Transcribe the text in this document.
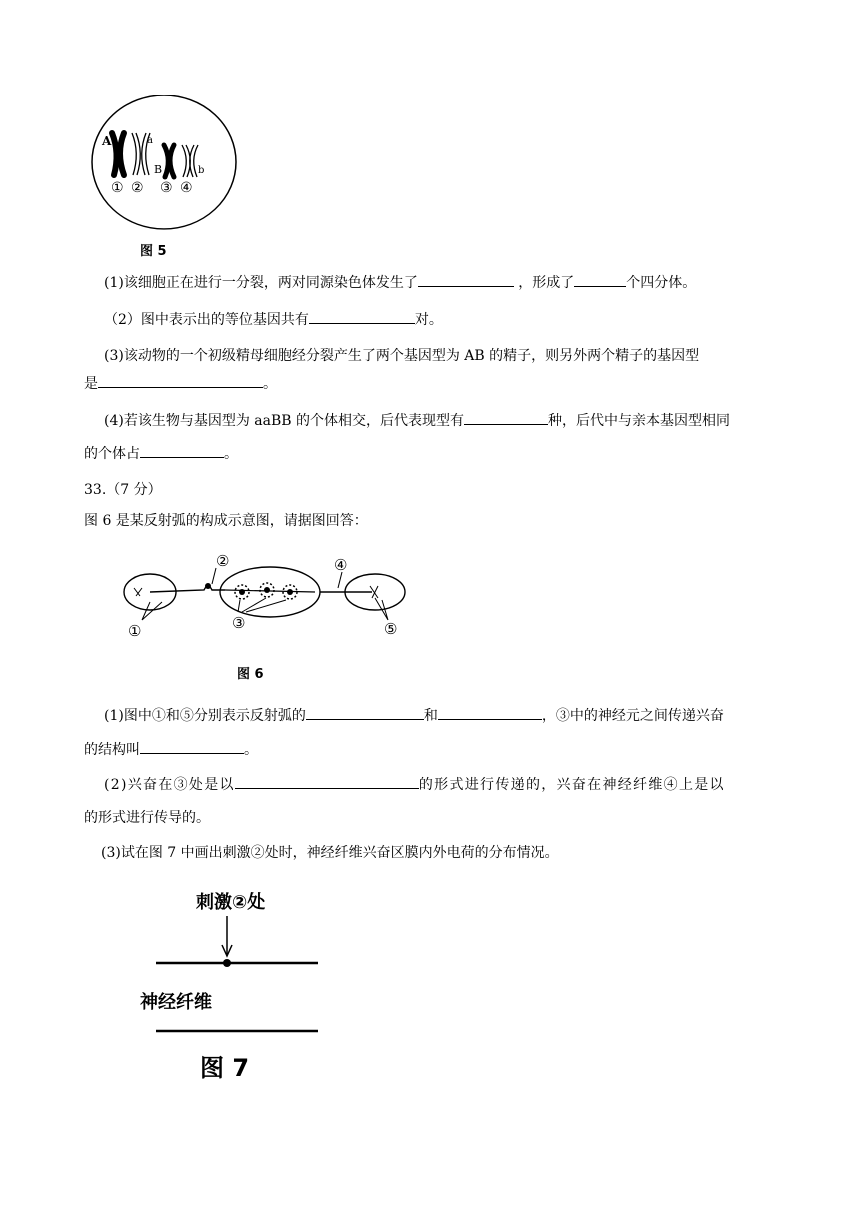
A	a
B	b
① ② ③ ④
图 5
(1)该细胞正在进行一分裂，两对同源染色体发生了	，形成了	个四分体。
（2）图中表示出的等位基因共有	对。
(3)该动物的一个初级精母细胞经分裂产生了两个基因型为 AB 的精子，则另外两个精子的基因型
是	。
(4)若该生物与基因型为 aaBB 的个体相交，后代表现型有	种，后代中与亲本基因型相同
的个体占	。
33.（7 分）
图 6 是某反射弧的构成示意图，请据图回答：
①
②
③
④
⑤
图 6
(1)图中①和⑤分别表示反射弧的	和	，③中的神经元之间传递兴奋
的结构叫	。
(2)兴奋在③处是以	的形式进行传递的，兴奋在神经纤维④上是以
的形式进行传导的。
(3)试在图 7 中画出刺激②处时，神经纤维兴奋区膜内外电荷的分布情况。
刺激②处
神经纤维
图 7
